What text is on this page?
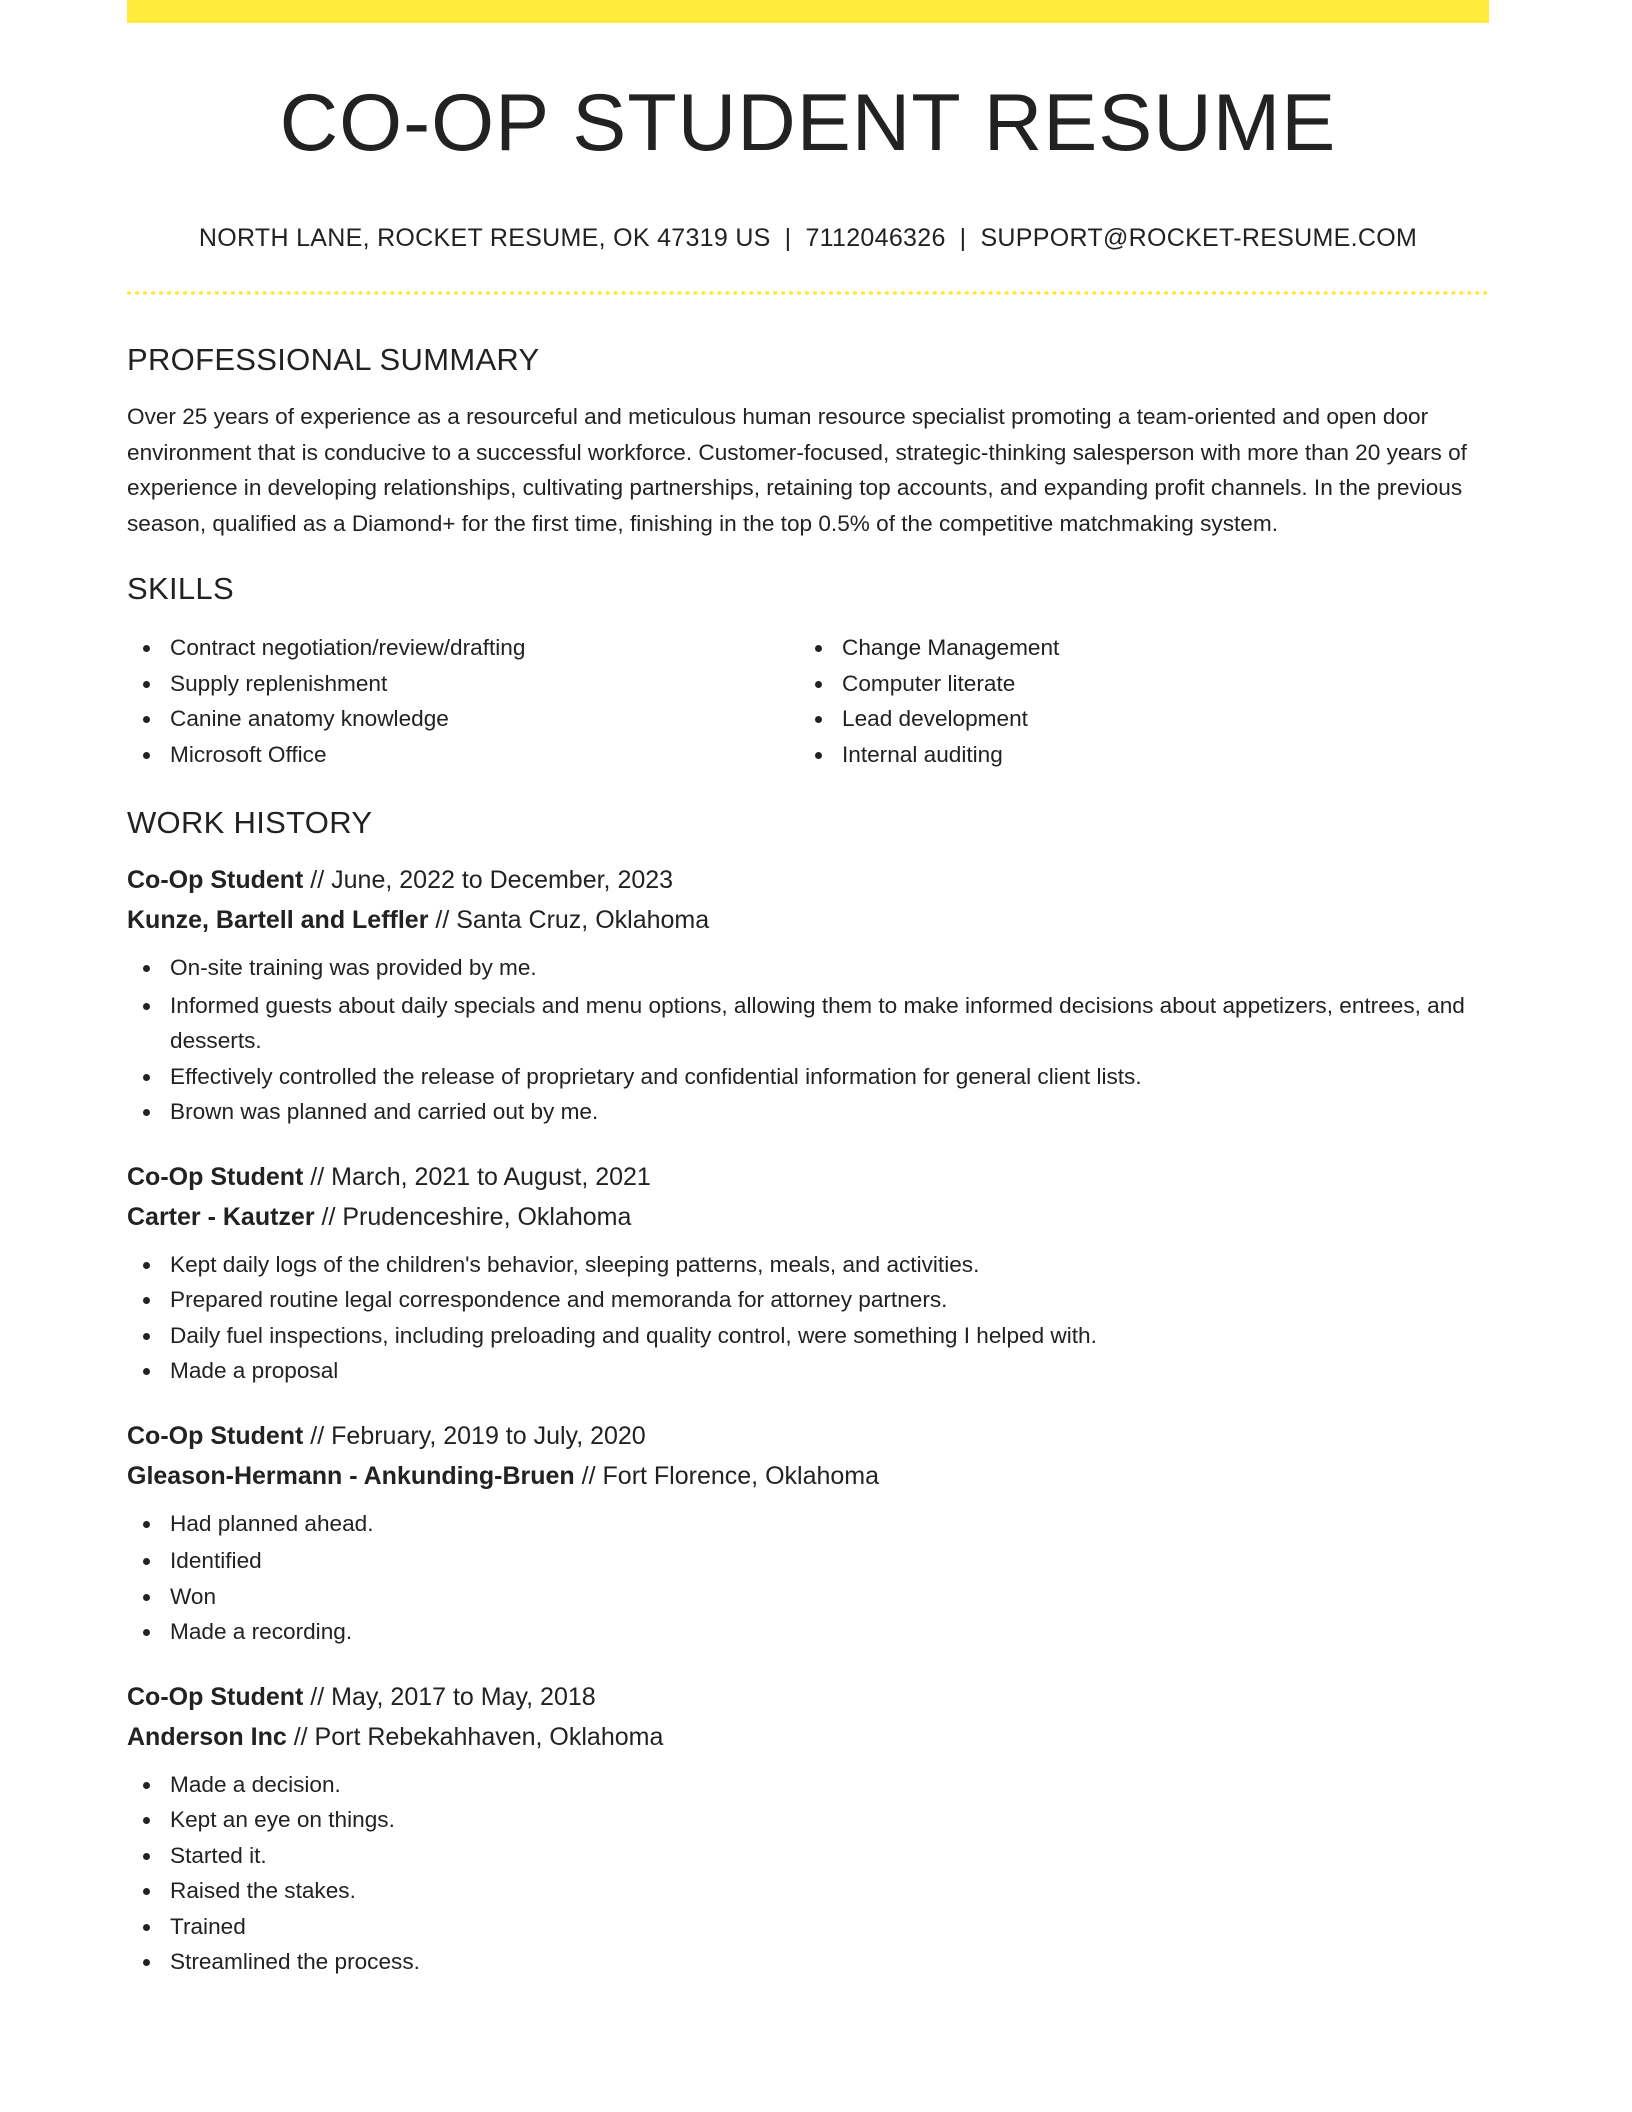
CO-OP STUDENT RESUME
NORTH LANE, ROCKET RESUME, OK 47319 US | 7112046326 | SUPPORT@ROCKET-RESUME.COM
PROFESSIONAL SUMMARY

Over 25 years of experience as a resourceful and meticulous human resource specialist promoting a team-oriented and open door environment that is conducive to a successful workforce. Customer-focused, strategic-thinking salesperson with more than 20 years of experience in developing relationships, cultivating partnerships, retaining top accounts, and expanding profit channels. In the previous season, qualified as a Diamond+ for the first time, finishing in the top 0.5% of the competitive matchmaking system.

SKILLS
Contract negotiation/review/drafting
Supply replenishment
Canine anatomy knowledge
Microsoft Office
Change Management
Computer literate
Lead development
Internal auditing
WORK HISTORY
Co-Op Student // June, 2022 to December, 2023
Kunze, Bartell and Leffler // Santa Cruz, Oklahoma
On-site training was provided by me.
Informed guests about daily specials and menu options, allowing them to make informed decisions about appetizers, entrees, and desserts.
Effectively controlled the release of proprietary and confidential information for general client lists.
Brown was planned and carried out by me.
Co-Op Student // March, 2021 to August, 2021
Carter - Kautzer // Prudenceshire, Oklahoma
Kept daily logs of the children's behavior, sleeping patterns, meals, and activities.
Prepared routine legal correspondence and memoranda for attorney partners.
Daily fuel inspections, including preloading and quality control, were something I helped with.
Made a proposal
Co-Op Student // February, 2019 to July, 2020
Gleason-Hermann - Ankunding-Bruen // Fort Florence, Oklahoma
Had planned ahead.
Identified
Won
Made a recording.
Co-Op Student // May, 2017 to May, 2018
Anderson Inc // Port Rebekahhaven, Oklahoma
Made a decision.
Kept an eye on things.
Started it.
Raised the stakes.
Trained
Streamlined the process.
